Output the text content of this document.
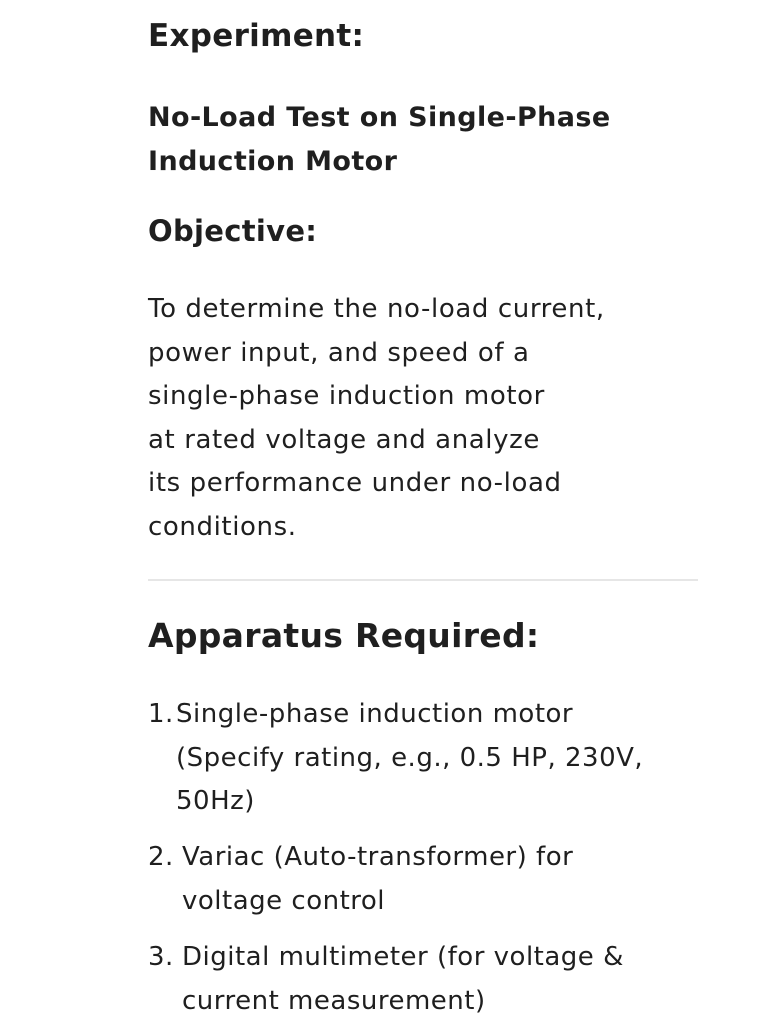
Experiment:
No-Load Test on Single-Phase
Induction Motor
Objective:
To determine the no-load current,
power input, and speed of a
single-phase induction motor
at rated voltage and analyze
its performance under no-load
conditions.
Apparatus Required:
1. Single-phase induction motor
(Specify rating, e.g., 0.5 HP, 230V,
50Hz)
2. Variac (Auto-transformer) for
voltage control
3. Digital multimeter (for voltage &
current measurement)
